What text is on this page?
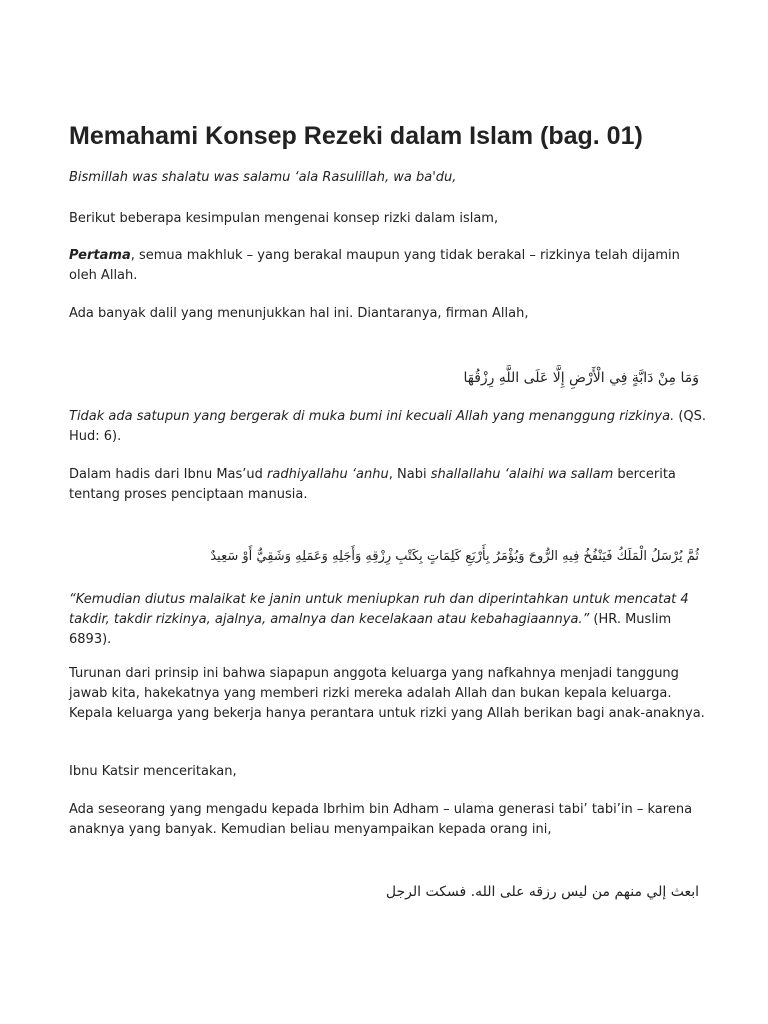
Memahami Konsep Rezeki dalam Islam (bag. 01)

Bismillah was shalatu was salamu ‘ala Rasulillah, wa ba'du,

Berikut beberapa kesimpulan mengenai konsep rizki dalam islam,

Pertama, semua makhluk – yang berakal maupun yang tidak berakal – rizkinya telah dijamin oleh Allah.

Ada banyak dalil yang menunjukkan hal ini. Diantaranya, firman Allah,

وَمَا مِنْ دَابَّةٍ فِي الْأَرْضِ إِلَّا عَلَى اللَّهِ رِزْقُهَا

Tidak ada satupun yang bergerak di muka bumi ini kecuali Allah yang menanggung rizkinya. (QS. Hud: 6).

Dalam hadis dari Ibnu Mas’ud radhiyallahu ‘anhu, Nabi shallallahu ‘alaihi wa sallam bercerita tentang proses penciptaan manusia.

ثُمَّ يُرْسَلُ الْمَلَكُ فَيَنْفُخُ فِيهِ الرُّوحَ وَيُؤْمَرُ بِأَرْبَعِ كَلِمَاتٍ بِكَتْبِ رِزْقِهِ وَأَجَلِهِ وَعَمَلِهِ وَشَقِيٌّ أَوْ سَعِيدٌ

“Kemudian diutus malaikat ke janin untuk meniupkan ruh dan diperintahkan untuk mencatat 4 takdir, takdir rizkinya, ajalnya, amalnya dan kecelakaan atau kebahagiaannya.” (HR. Muslim 6893).

Turunan dari prinsip ini bahwa siapapun anggota keluarga yang nafkahnya menjadi tanggung jawab kita, hakekatnya yang memberi rizki mereka adalah Allah dan bukan kepala keluarga. Kepala keluarga yang bekerja hanya perantara untuk rizki yang Allah berikan bagi anak-anaknya.

Ibnu Katsir menceritakan,

Ada seseorang yang mengadu kepada Ibrhim bin Adham – ulama generasi tabi’ tabi’in – karena anaknya yang banyak. Kemudian beliau menyampaikan kepada orang ini,

ابعث إلي منهم من ليس رزقه على الله. فسكت الرجل
